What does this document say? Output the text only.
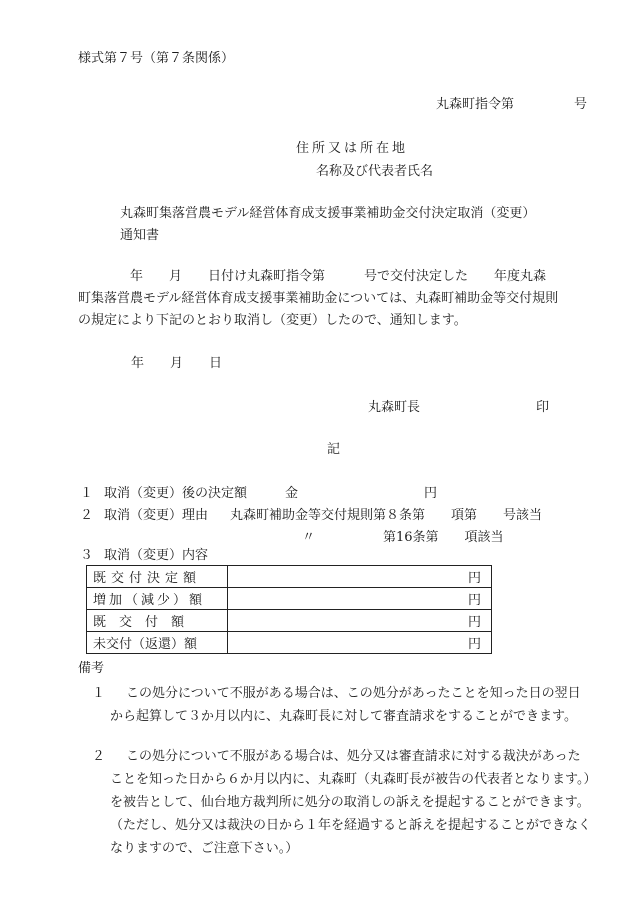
様式第７号（第７条関係）
丸森町指令第	号
住所又は所在地
名称及び代表者氏名
丸森町集落営農モデル経営体育成支援事業補助金交付決定取消（変更）
通知書
年　　月　　日付け丸森町指令第　　　号で交付決定した　　年度丸森
町集落営農モデル経営体育成支援事業補助金については、丸森町補助金等交付規則
の規定により下記のとおり取消し（変更）したので、通知します。
年　　月　　日
丸森町長	印
記
１ 取消（変更）後の決定額	金	円
２ 取消（変更）理由 丸森町補助金等交付規則第８条第　　項第　　号該当
〃	第16条第　　項該当
３ 取消（変更）内容
既交付決定額	円
増加（減少）額	円
既　交　付　額	円
未交付（返還）額	円
備考
１	この処分について不服がある場合は、この処分があったことを知った日の翌日から起算して３か月以内に、丸森町長に対して審査請求をすることができます。
２	この処分について不服がある場合は、処分又は審査請求に対する裁決があったことを知った日から６か月以内に、丸森町（丸森町長が被告の代表者となります。）を被告として、仙台地方裁判所に処分の取消しの訴えを提起することができます。（ただし、処分又は裁決の日から１年を経過すると訴えを提起することができなくなりますので、ご注意下さい。）
